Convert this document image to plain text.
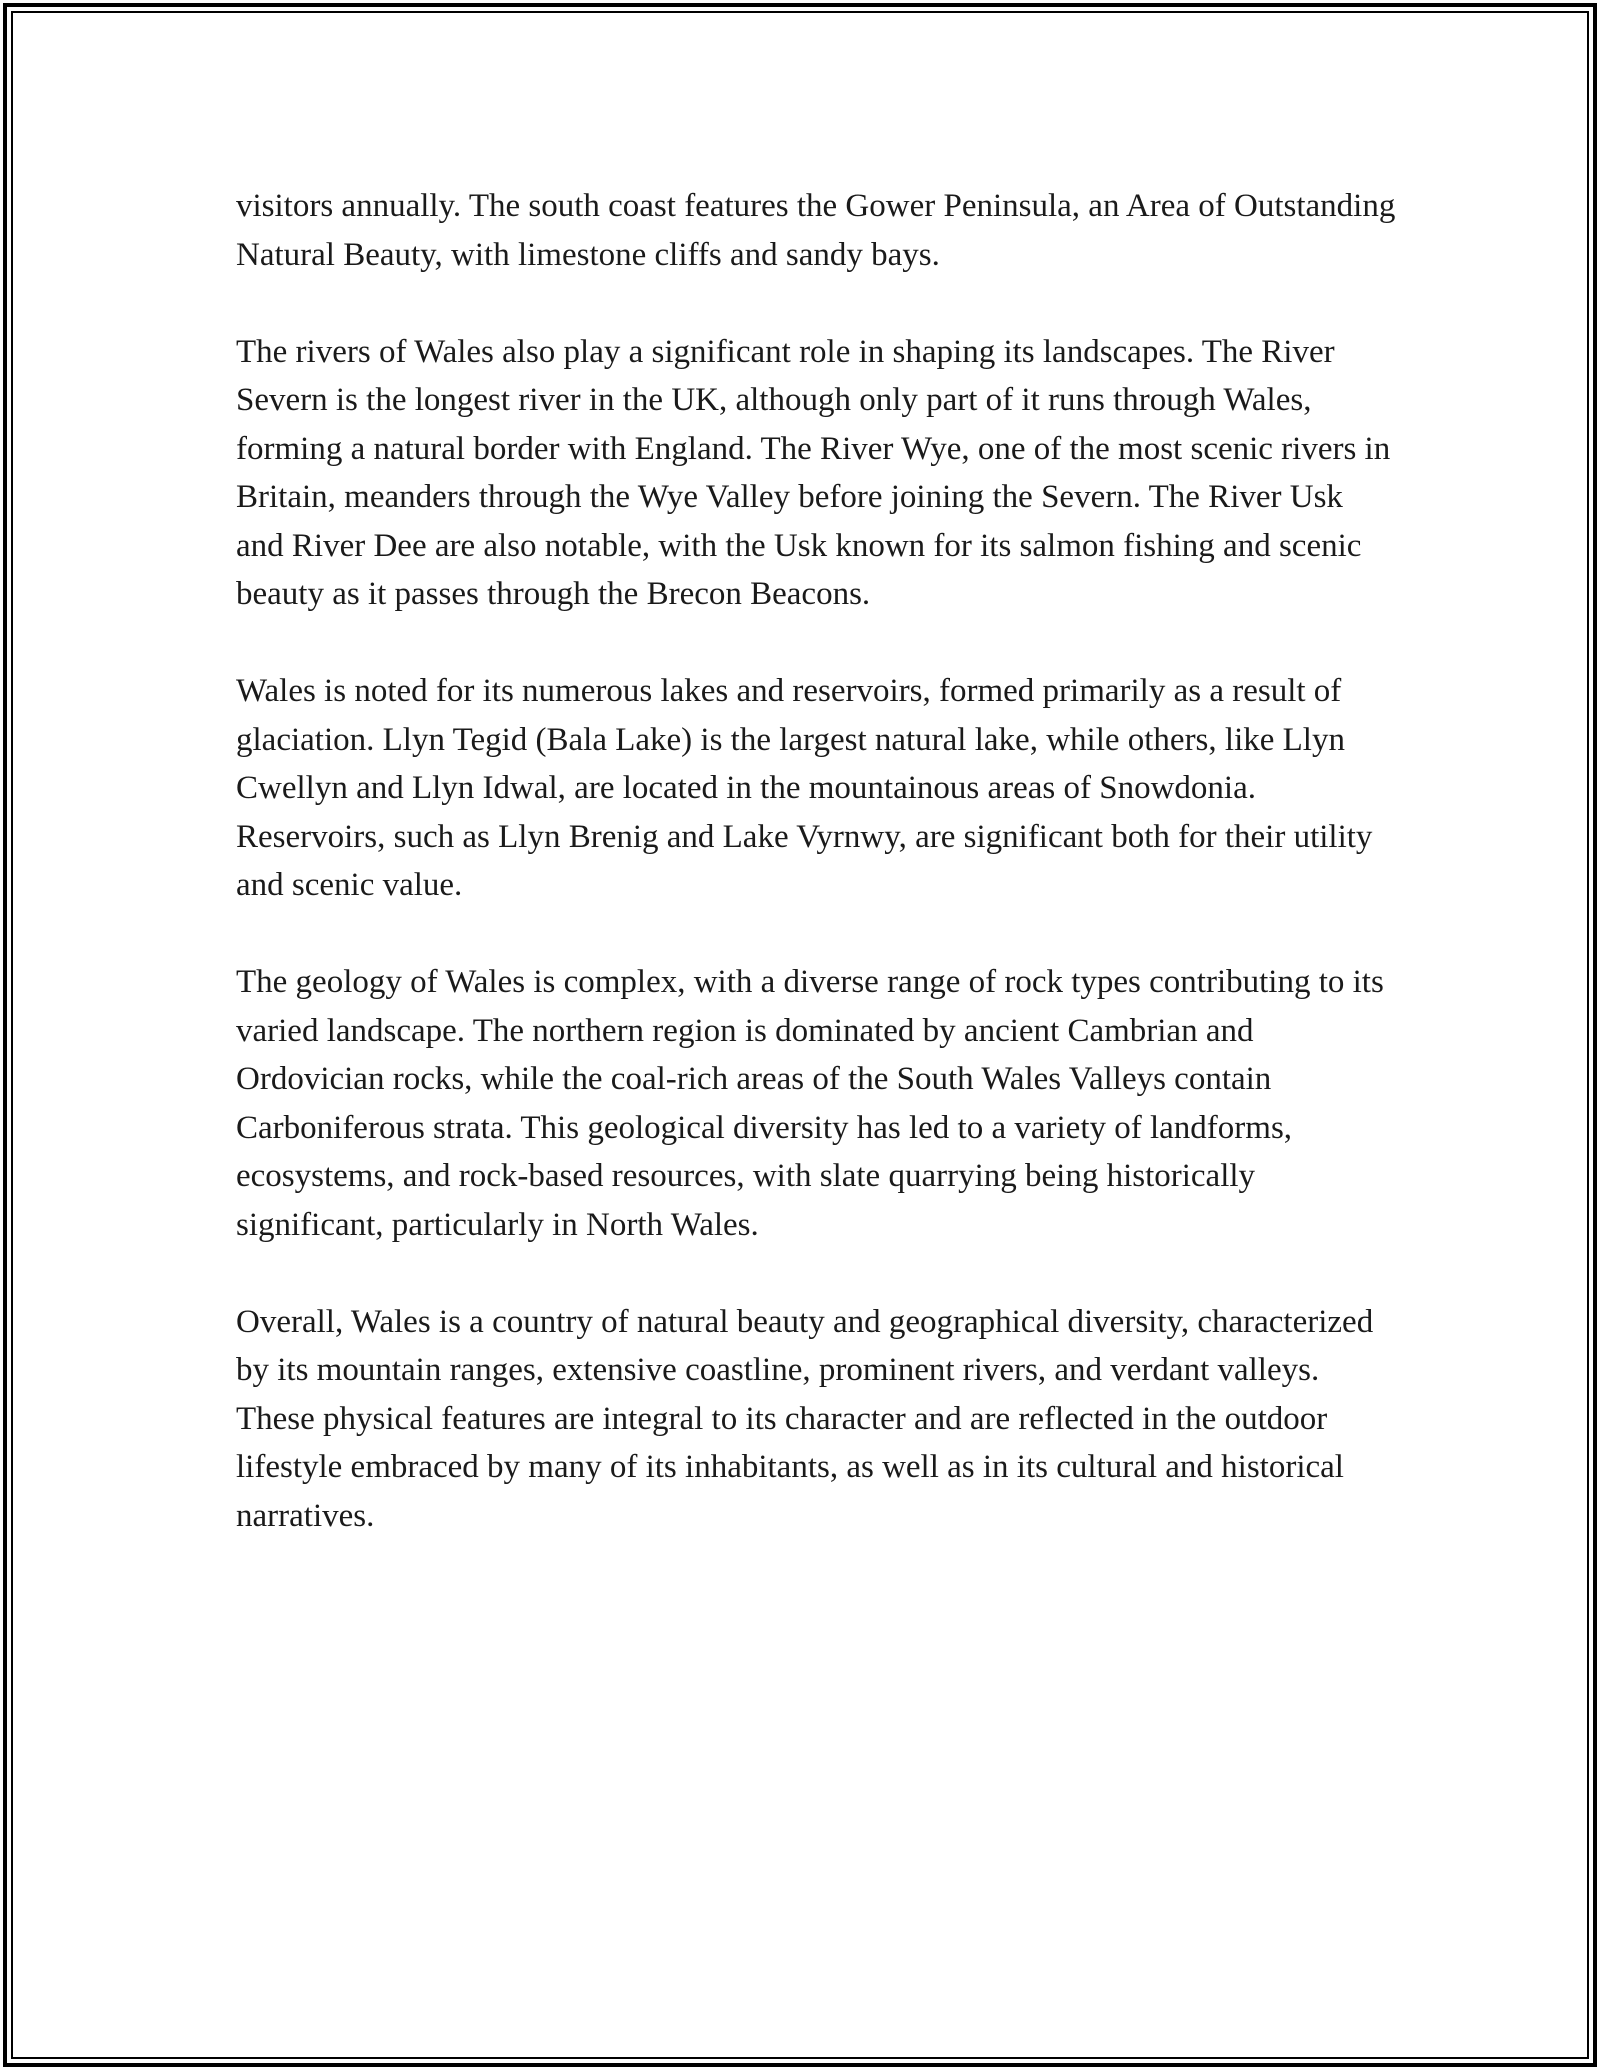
visitors annually. The south coast features the Gower Peninsula, an Area of Outstanding Natural Beauty, with limestone cliffs and sandy bays.

The rivers of Wales also play a significant role in shaping its landscapes. The River Severn is the longest river in the UK, although only part of it runs through Wales, forming a natural border with England. The River Wye, one of the most scenic rivers in Britain, meanders through the Wye Valley before joining the Severn. The River Usk and River Dee are also notable, with the Usk known for its salmon fishing and scenic beauty as it passes through the Brecon Beacons.

Wales is noted for its numerous lakes and reservoirs, formed primarily as a result of glaciation. Llyn Tegid (Bala Lake) is the largest natural lake, while others, like Llyn Cwellyn and Llyn Idwal, are located in the mountainous areas of Snowdonia. Reservoirs, such as Llyn Brenig and Lake Vyrnwy, are significant both for their utility and scenic value.

The geology of Wales is complex, with a diverse range of rock types contributing to its varied landscape. The northern region is dominated by ancient Cambrian and Ordovician rocks, while the coal-rich areas of the South Wales Valleys contain Carboniferous strata. This geological diversity has led to a variety of landforms, ecosystems, and rock-based resources, with slate quarrying being historically significant, particularly in North Wales.

Overall, Wales is a country of natural beauty and geographical diversity, characterized by its mountain ranges, extensive coastline, prominent rivers, and verdant valleys. These physical features are integral to its character and are reflected in the outdoor lifestyle embraced by many of its inhabitants, as well as in its cultural and historical narratives.
